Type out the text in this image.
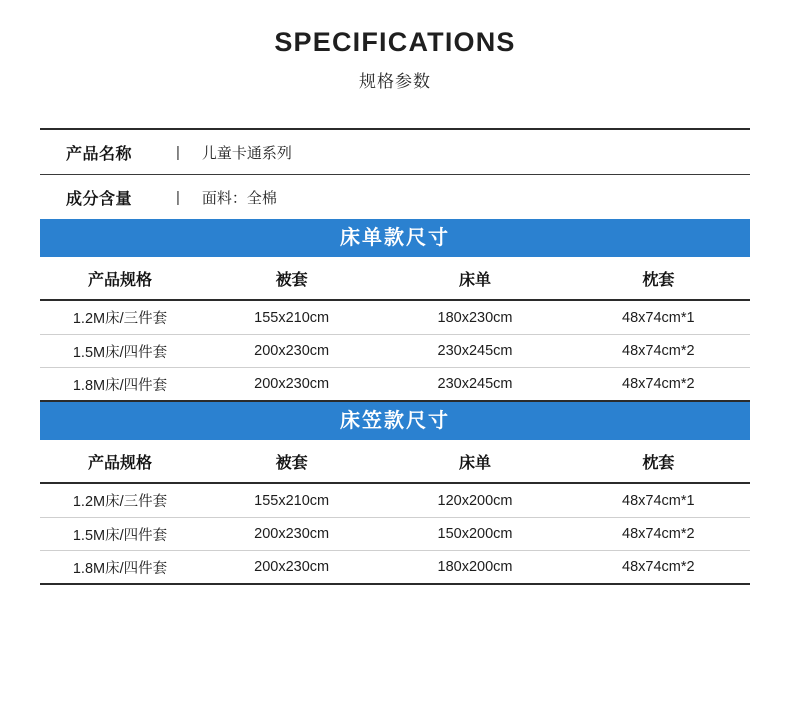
SPECIFICATIONS
规格参数
产品名称	| 儿童卡通系列
成分含量	| 面料：全棉
床单款尺寸
产品规格	被套	床单	枕套
1.2M床/三件套	155x210cm	180x230cm	48x74cm*1
1.5M床/四件套	200x230cm	230x245cm	48x74cm*2
1.8M床/四件套	200x230cm	230x245cm	48x74cm*2
床笠款尺寸
产品规格	被套	床单	枕套
1.2M床/三件套	155x210cm	120x200cm	48x74cm*1
1.5M床/四件套	200x230cm	150x200cm	48x74cm*2
1.8M床/四件套	200x230cm	180x200cm	48x74cm*2
